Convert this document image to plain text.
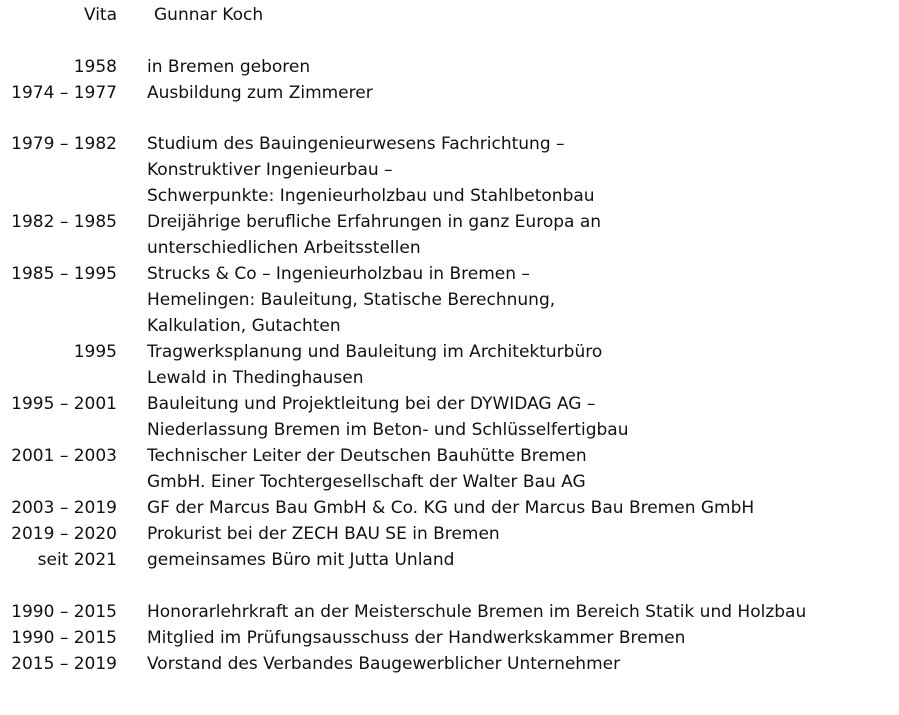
Vita Gunnar Koch
1958 in Bremen geboren
1974 – 1977 Ausbildung zum Zimmerer
1979 – 1982 Studium des Bauingenieurwesens Fachrichtung –
Konstruktiver Ingenieurbau –
Schwerpunkte: Ingenieurholzbau und Stahlbetonbau
1982 – 1985 Dreijährige berufliche Erfahrungen in ganz Europa an
unterschiedlichen Arbeitsstellen
1985 – 1995 Strucks & Co – Ingenieurholzbau in Bremen –
Hemelingen: Bauleitung, Statische Berechnung,
Kalkulation, Gutachten
1995 Tragwerksplanung und Bauleitung im Architekturbüro
Lewald in Thedinghausen
1995 – 2001 Bauleitung und Projektleitung bei der DYWIDAG AG –
Niederlassung Bremen im Beton- und Schlüsselfertigbau
2001 – 2003 Technischer Leiter der Deutschen Bauhütte Bremen
GmbH. Einer Tochtergesellschaft der Walter Bau AG
2003 – 2019 GF der Marcus Bau GmbH & Co. KG und der Marcus Bau Bremen GmbH
2019 – 2020 Prokurist bei der ZECH BAU SE in Bremen
seit 2021 gemeinsames Büro mit Jutta Unland
1990 – 2015 Honorarlehrkraft an der Meisterschule Bremen im Bereich Statik und Holzbau
1990 – 2015 Mitglied im Prüfungsausschuss der Handwerkskammer Bremen
2015 – 2019 Vorstand des Verbandes Baugewerblicher Unternehmer
